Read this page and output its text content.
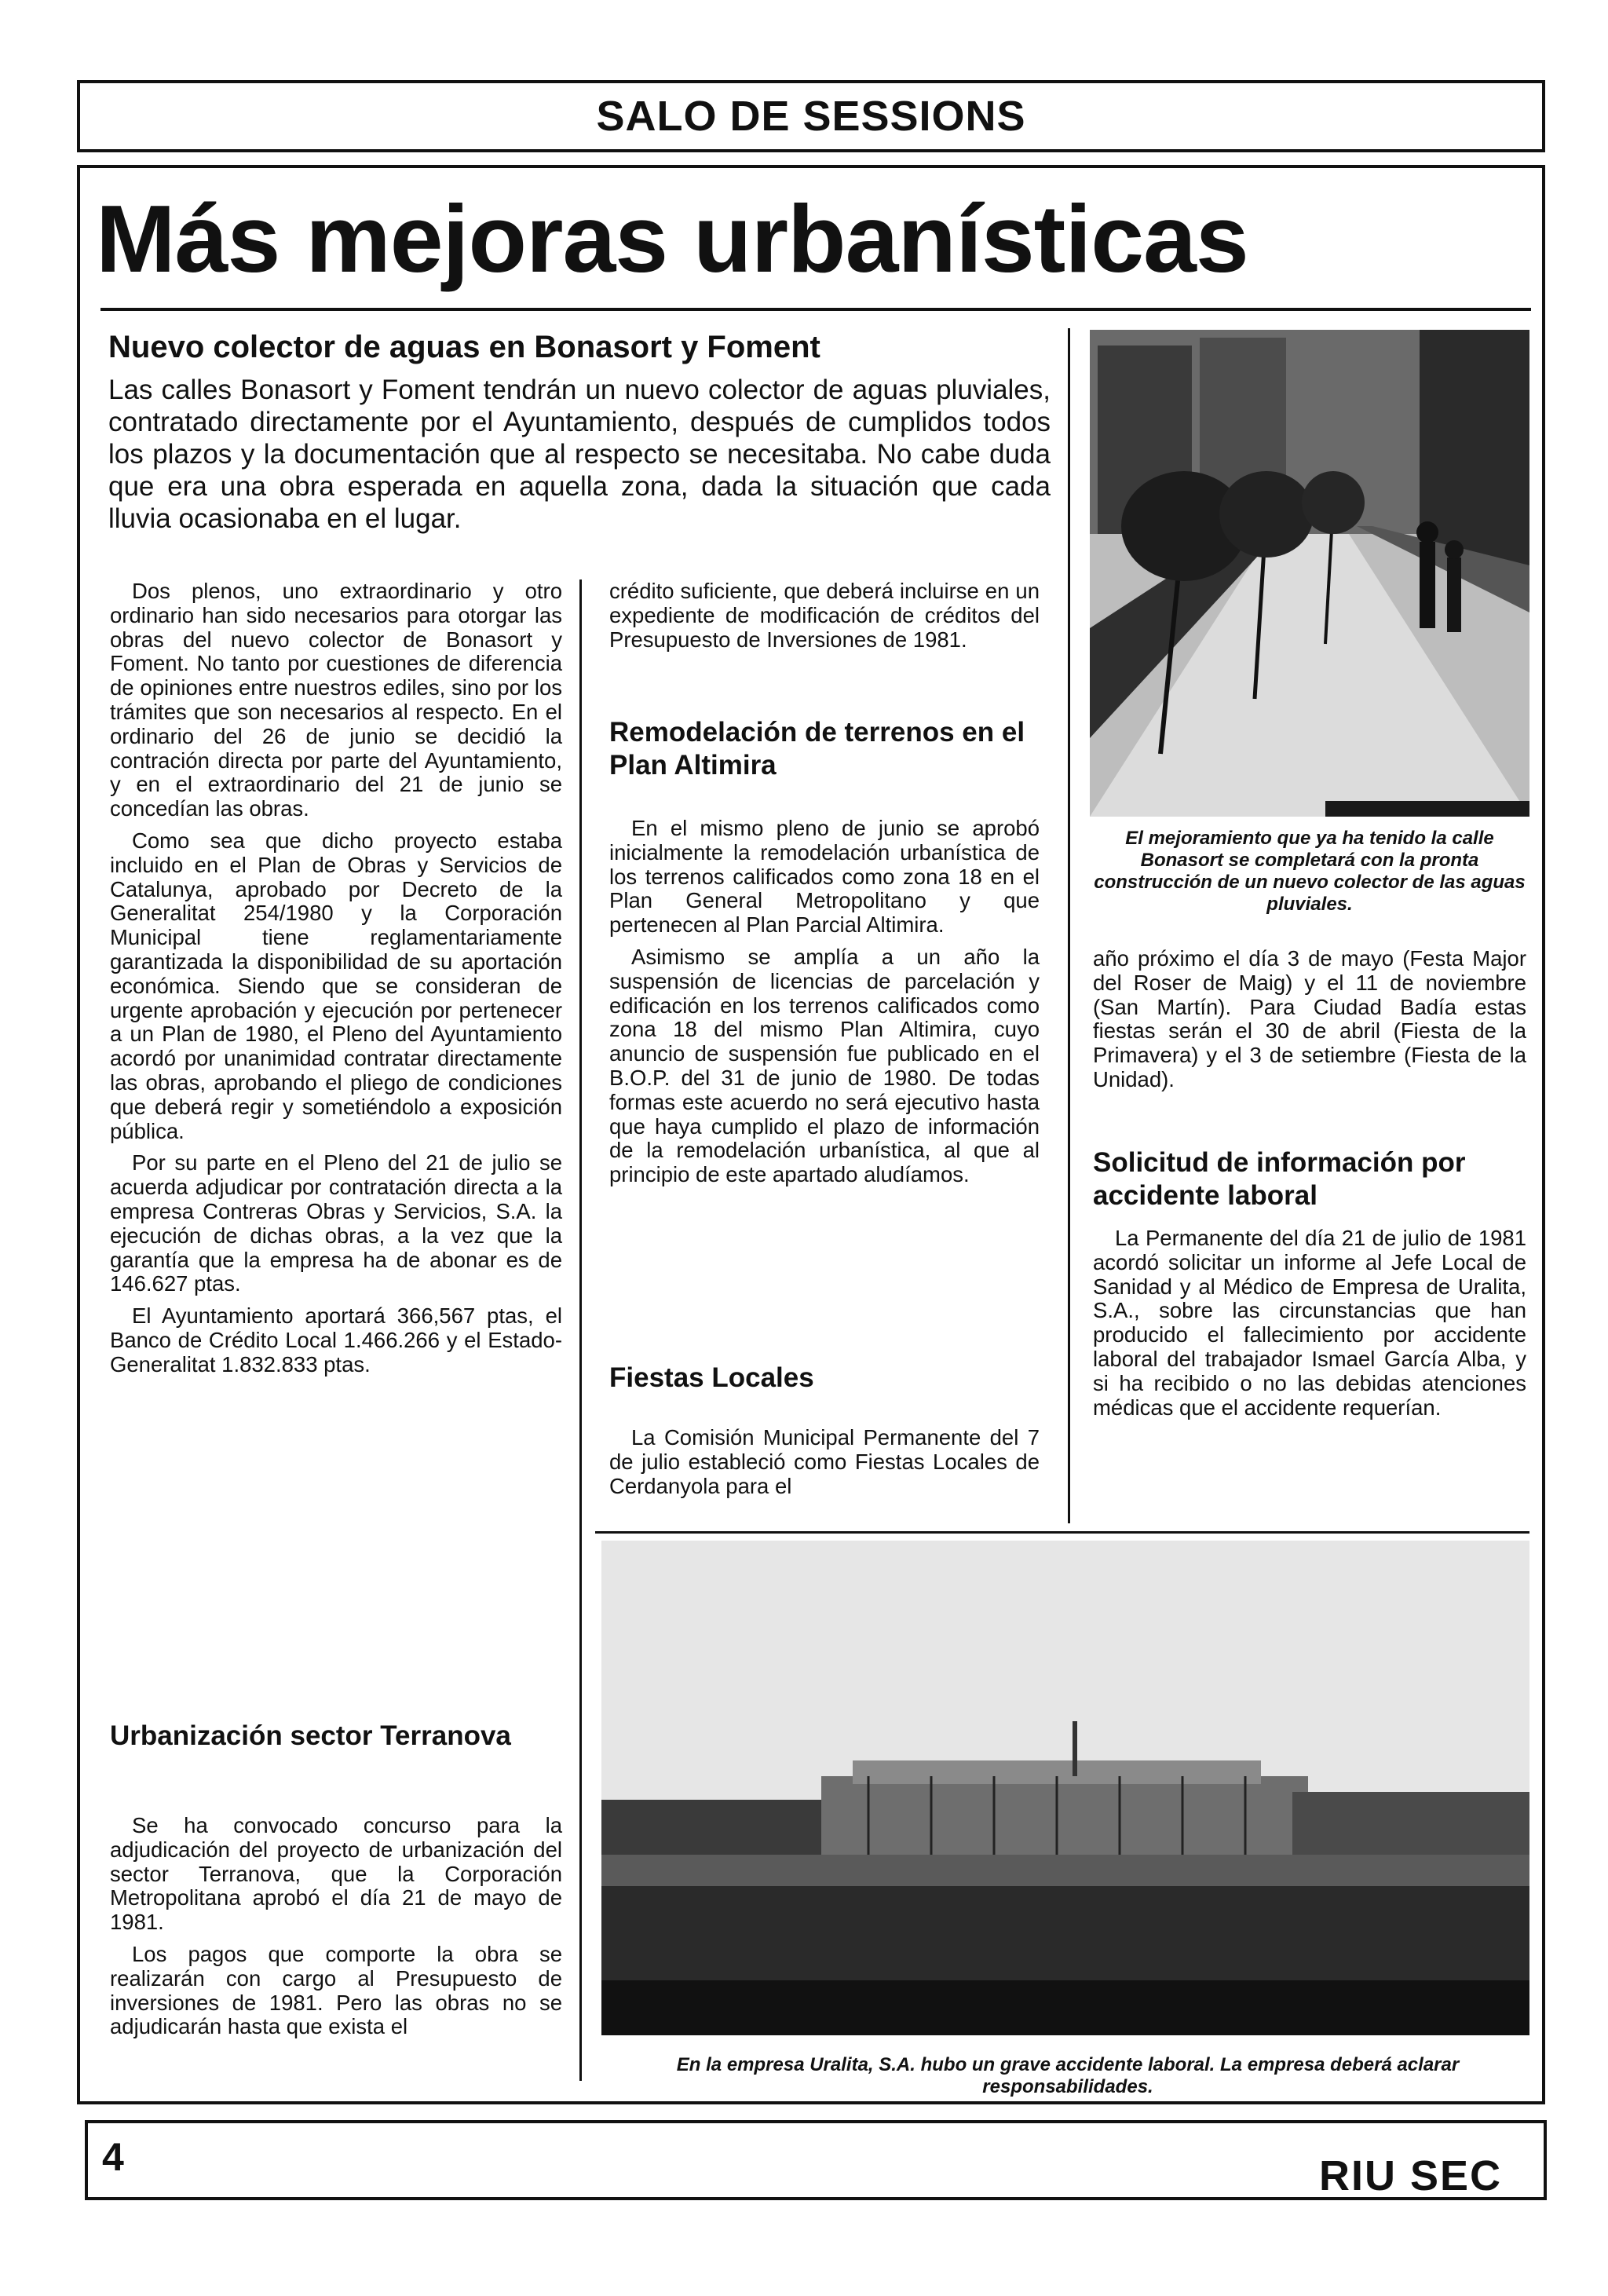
SALO DE SESSIONS
Más mejoras urbanísticas
Nuevo colector de aguas en Bonasort y Foment
Las calles Bonasort y Foment tendrán un nuevo colector de aguas pluviales, contratado directamente por el Ayuntamiento, después de cumplidos todos los plazos y la documentación que al respecto se necesitaba. No cabe duda que era una obra esperada en aquella zona, dada la situación que cada lluvia ocasionaba en el lugar.

Dos plenos, uno extraordinario y otro ordinario han sido necesarios para otorgar las obras del nuevo colector de Bonasort y Foment. No tanto por cuestiones de diferencia de opiniones entre nuestros ediles, sino por los trámites que son necesarios al respecto. En el ordinario del 26 de junio se decidió la contración directa por parte del Ayuntamiento, y en el extraordinario del 21 de junio se concedían las obras.

Como sea que dicho proyecto estaba incluido en el Plan de Obras y Servicios de Catalunya, aprobado por Decreto de la Generalitat 254/1980 y la Corporación Municipal tiene reglamentariamente garantizada la disponibilidad de su aportación económica. Siendo que se consideran de urgente aprobación y ejecución por pertenecer a un Plan de 1980, el Pleno del Ayuntamiento acordó por unanimidad contratar directamente las obras, aprobando el pliego de condiciones que deberá regir y sometiéndolo a exposición pública.

Por su parte en el Pleno del 21 de julio se acuerda adjudicar por contratación directa a la empresa Contreras Obras y Servicios, S.A. la ejecución de dichas obras, a la vez que la garantía que la empresa ha de abonar es de 146.627 ptas.

El Ayuntamiento aportará 366,567 ptas, el Banco de Crédito Local 1.466.266 y el Estado-Generalitat 1.832.833 ptas.

Urbanización sector Terranova

Se ha convocado concurso para la adjudicación del proyecto de urbanización del sector Terranova, que la Corporación Metropolitana aprobó el día 21 de mayo de 1981.

Los pagos que comporte la obra se realizarán con cargo al Presupuesto de inversiones de 1981. Pero las obras no se adjudicarán hasta que exista el

crédito suficiente, que deberá incluirse en un expediente de modificación de créditos del Presupuesto de Inversiones de 1981.

Remodelación de terrenos en el Plan Altimira

En el mismo pleno de junio se aprobó inicialmente la remodelación urbanística de los terrenos calificados como zona 18 en el Plan General Metropolitano y que pertenecen al Plan Parcial Altimira.

Asimismo se amplía a un año la suspensión de licencias de parcelación y edificación en los terrenos calificados como zona 18 del mismo Plan Altimira, cuyo anuncio de suspensión fue publicado en el B.O.P. del 31 de junio de 1980. De todas formas este acuerdo no será ejecutivo hasta que haya cumplido el plazo de información de la remodelación urbanística, al que al principio de este apartado aludíamos.

Fiestas Locales

La Comisión Municipal Permanente del 7 de julio estableció como Fiestas Locales de Cerdanyola para el

El mejoramiento que ya ha tenido la calle Bonasort se completará con la pronta construcción de un nuevo colector de las aguas pluviales.

año próximo el día 3 de mayo (Festa Major del Roser de Maig) y el 11 de noviembre (San Martín). Para Ciudad Badía estas fiestas serán el 30 de abril (Fiesta de la Primavera) y el 3 de setiembre (Fiesta de la Unidad).

Solicitud de información por accidente laboral

La Permanente del día 21 de julio de 1981 acordó solicitar un informe al Jefe Local de Sanidad y al Médico de Empresa de Uralita, S.A., sobre las circunstancias que han producido el fallecimiento por accidente laboral del trabajador Ismael García Alba, y si ha recibido o no las debidas atenciones médicas que el accidente requerían.

En la empresa Uralita, S.A. hubo un grave accidente laboral. La empresa deberá aclarar responsabilidades.
4	RIU SEC
